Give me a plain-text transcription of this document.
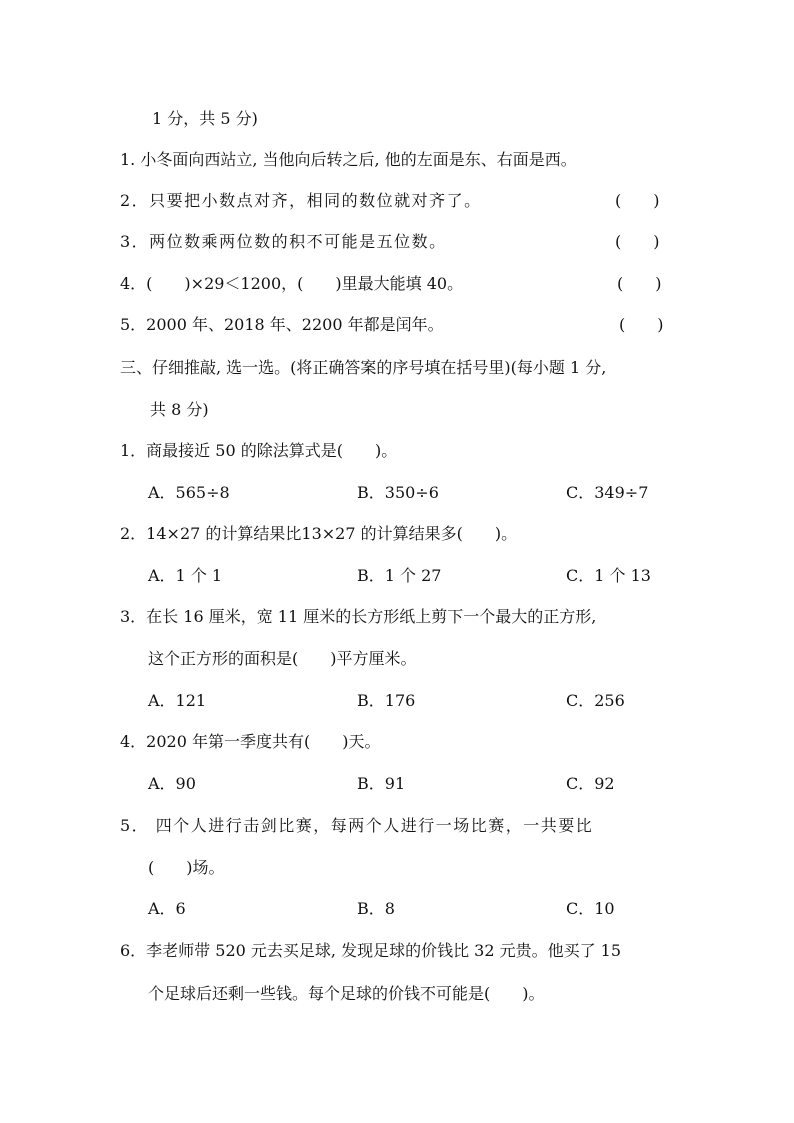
1 分，共 5 分)
1. 小冬面向西站立, 当他向后转之后, 他的左面是东、右面是西。
2．只要把小数点对齐，相同的数位就对齐了。	(　　)
3．两位数乘两位数的积不可能是五位数。	(　　)
4．(　　)×29＜1200，(　　)里最大能填 40。	(　　)
5．2000 年、2018 年、2200 年都是闰年。	(　　)
三、仔细推敲, 选一选。(将正确答案的序号填在括号里)(每小题 1 分,
共 8 分)
1．商最接近 50 的除法算式是(　　)。
A．565÷8	B．350÷6	C．349÷7
2．14×27 的计算结果比13×27 的计算结果多(　　)。
A．1 个 1	B．1 个 27	C．1 个 13
3．在长 16 厘米，宽 11 厘米的长方形纸上剪下一个最大的正方形,
这个正方形的面积是(　　)平方厘米。
A．121	B．176	C．256
4．2020 年第一季度共有(　　)天。
A．90	B．91	C．92
5． 四个人进行击剑比赛，每两个人进行一场比赛，一共要比
(　　)场。
A．6	B．8	C．10
6．李老师带 520 元去买足球, 发现足球的价钱比 32 元贵。他买了 15
个足球后还剩一些钱。每个足球的价钱不可能是(　　)。
